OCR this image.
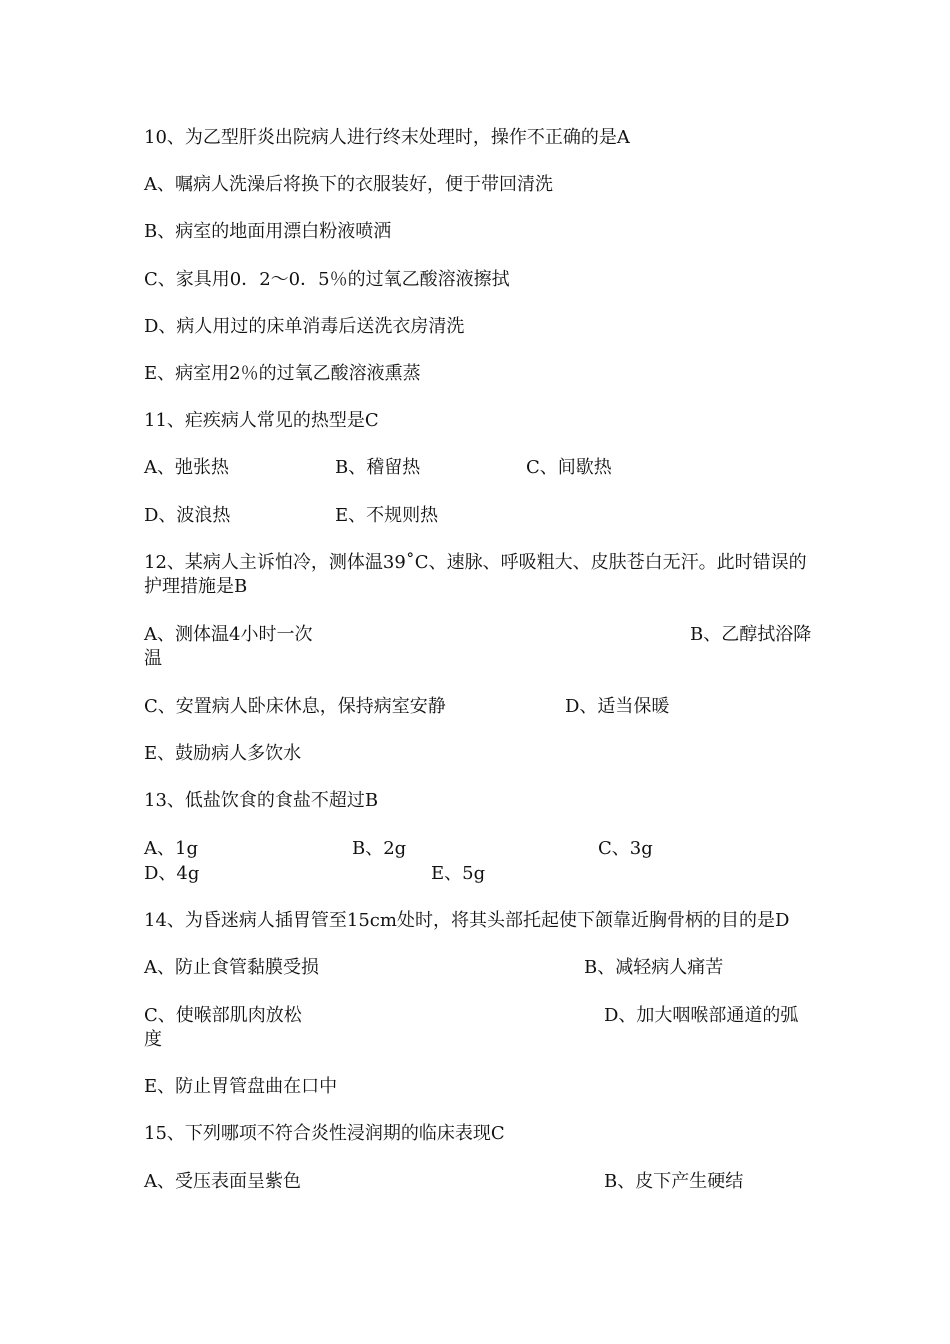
10、为乙型肝炎出院病人进行终末处理时，操作不正确的是A
A、嘱病人洗澡后将换下的衣服装好，便于带回清洗
B、病室的地面用漂白粉液喷洒
C、家具用0．2～0．5％的过氧乙酸溶液擦拭
D、病人用过的床单消毒后送洗衣房清洗
E、病室用2％的过氧乙酸溶液熏蒸
11、疟疾病人常见的热型是C
A、弛张热	B、稽留热	C、间歇热
D、波浪热	E、不规则热
12、某病人主诉怕冷，测体温39˚C、速脉、呼吸粗大、皮肤苍白无汗。此时错误的
护理措施是B
A、测体温4小时一次	B、乙醇拭浴降
温
C、安置病人卧床休息，保持病室安静	D、适当保暖
E、鼓励病人多饮水
13、低盐饮食的食盐不超过B
A、1g	B、2g	C、3g
D、4g	E、5g
14、为昏迷病人插胃管至15cm处时，将其头部托起使下颌靠近胸骨柄的目的是D
A、防止食管黏膜受损	B、减轻病人痛苦
C、使喉部肌肉放松	D、加大咽喉部通道的弧
度
E、防止胃管盘曲在口中
15、下列哪项不符合炎性浸润期的临床表现C
A、受压表面呈紫色	B、皮下产生硬结
